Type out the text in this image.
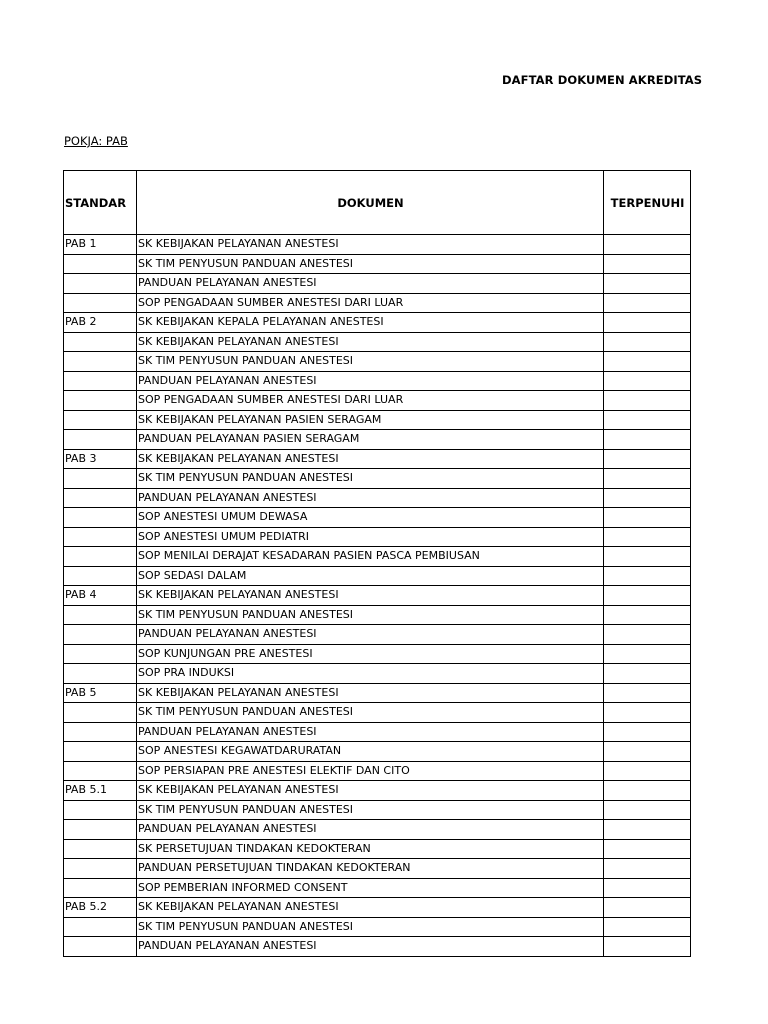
DAFTAR DOKUMEN AKREDITAS
POKJA: PAB
STANDAR	DOKUMEN	TERPENUHI
PAB 1	SK KEBIJAKAN PELAYANAN ANESTESI	
	SK TIM PENYUSUN PANDUAN ANESTESI	
	PANDUAN PELAYANAN ANESTESI	
	SOP PENGADAAN SUMBER ANESTESI DARI LUAR	
PAB 2	SK KEBIJAKAN KEPALA PELAYANAN ANESTESI	
	SK KEBIJAKAN PELAYANAN ANESTESI	
	SK TIM PENYUSUN PANDUAN ANESTESI	
	PANDUAN PELAYANAN ANESTESI	
	SOP PENGADAAN SUMBER ANESTESI DARI LUAR	
	SK KEBIJAKAN PELAYANAN PASIEN SERAGAM	
	PANDUAN PELAYANAN PASIEN SERAGAM	
PAB 3	SK KEBIJAKAN PELAYANAN ANESTESI	
	SK TIM PENYUSUN PANDUAN ANESTESI	
	PANDUAN PELAYANAN ANESTESI	
	SOP ANESTESI UMUM DEWASA	
	SOP ANESTESI UMUM PEDIATRI	
	SOP MENILAI DERAJAT KESADARAN PASIEN PASCA PEMBIUSAN	
	SOP SEDASI DALAM	
PAB 4	SK KEBIJAKAN PELAYANAN ANESTESI	
	SK TIM PENYUSUN PANDUAN ANESTESI	
	PANDUAN PELAYANAN ANESTESI	
	SOP KUNJUNGAN PRE ANESTESI	
	SOP PRA INDUKSI	
PAB 5	SK KEBIJAKAN PELAYANAN ANESTESI	
	SK TIM PENYUSUN PANDUAN ANESTESI	
	PANDUAN PELAYANAN ANESTESI	
	SOP ANESTESI KEGAWATDARURATAN	
	SOP PERSIAPAN PRE ANESTESI ELEKTIF DAN CITO	
PAB 5.1	SK KEBIJAKAN PELAYANAN ANESTESI	
	SK TIM PENYUSUN PANDUAN ANESTESI	
	PANDUAN PELAYANAN ANESTESI	
	SK PERSETUJUAN TINDAKAN KEDOKTERAN	
	PANDUAN PERSETUJUAN TINDAKAN KEDOKTERAN	
	SOP PEMBERIAN INFORMED CONSENT	
PAB 5.2	SK KEBIJAKAN PELAYANAN ANESTESI	
	SK TIM PENYUSUN PANDUAN ANESTESI	
	PANDUAN PELAYANAN ANESTESI	
